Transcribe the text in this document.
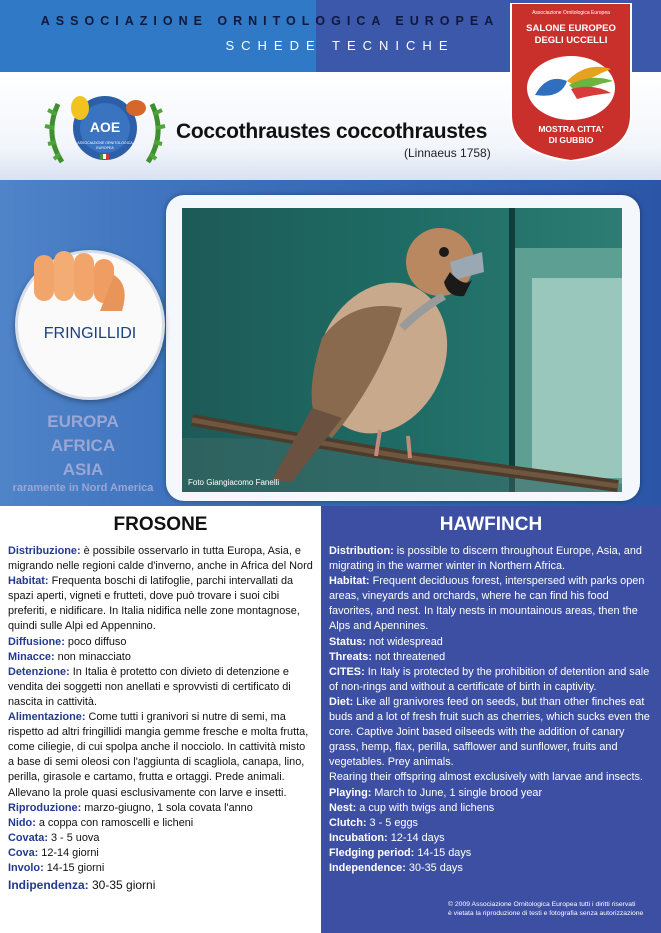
ASSOCIAZIONE ORNITOLOGICA EUROPEA
SCHEDE TECNICHE
Associazione Ornitologica Europea
SALONE EUROPEO
DEGLI UCCELLI
MOSTRA CITTA'
DI GUBBIO
AOE
ASSOCIAZIONE ORNITOLOGICA
EUROPEA
Coccothraustes coccothraustes
(Linnaeus 1758)
Foto Giangiacomo Fanelli
FRINGILLIDI
EUROPA
AFRICA
ASIA
raramente in Nord America
FROSONE

Distribuzione: è possibile osservarlo in tutta Europa, Asia, e migrando nelle regioni calde d'inverno, anche in Africa del Nord

Habitat: Frequenta boschi di latifoglie, parchi intervallati da spazi aperti, vigneti e frutteti, dove può trovare i suoi cibi preferiti, e nidificare. In Italia nidifica nelle zone montagnose, quindi sulle Alpi ed Appennino.

Diffusione: poco diffuso

Minacce: non minacciato

Detenzione: In Italia è protetto con divieto di detenzione e vendita dei soggetti non anellati e sprovvisti di certificato di nascita in cattività.

Alimentazione: Come tutti i granivori si nutre di semi, ma rispetto ad altri fringillidi mangia gemme fresche e molta frutta, come ciliegie, di cui spolpa anche il nocciolo. In cattività misto a base di semi oleosi con l'aggiunta di scagliola, canapa, lino, perilla, girasole e cartamo, frutta e ortaggi. Prede animali. Allevano la prole quasi esclusivamente con larve e insetti.

Riproduzione: marzo-giugno, 1 sola covata l'anno

Nido: a coppa con ramoscelli e licheni

Covata: 3 - 5 uova

Cova: 12-14 giorni

Involo: 14-15 giorni

Indipendenza: 30-35 giorni

HAWFINCH

Distribution: is possible to discern throughout Europe, Asia, and migrating in the warmer winter in Northern Africa.

Habitat: Frequent deciduous forest, interspersed with parks open areas, vineyards and orchards, where he can find his food favorites, and nest. In Italy nests in mountainous areas, then the Alps and Apennines.

Status: not widespread

Threats: not threatened

CITES: In Italy is protected by the prohibition of detention and sale of non-rings and without a certificate of birth in captivity.

Diet: Like all granivores feed on seeds, but than other finches eat buds and a lot of fresh fruit such as cherries, which sucks even the core. Captive Joint based oilseeds with the addition of canary grass, hemp, flax, perilla, safflower and sunflower, fruits and vegetables. Prey animals.

Rearing their offspring almost exclusively with larvae and insects.

Playing: March to June, 1 single brood year

Nest: a cup with twigs and lichens

Clutch: 3 - 5 eggs

Incubation: 12-14 days

Fledging period: 14-15 days

Independence: 30-35 days

© 2009 Associazione Ornitologica Europea tutti i diritti riservati
è vietata la riproduzione di testi e fotografia senza autorizzazione
